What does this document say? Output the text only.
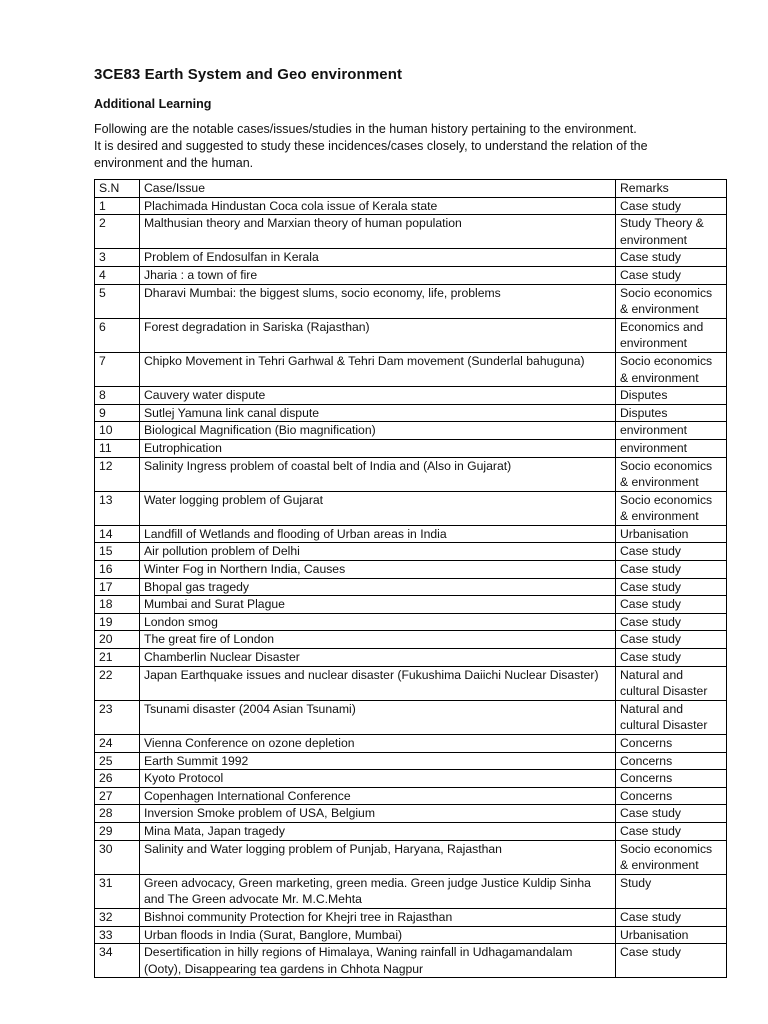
3CE83 Earth System and Geo environment
Additional Learning
Following are the notable cases/issues/studies in the human history pertaining to the environment.
It is desired and suggested to study these incidences/cases closely, to understand the relation of the
environment and the human.
S.N	Case/Issue	Remarks
1	Plachimada Hindustan Coca cola issue of Kerala state	Case study
2	Malthusian theory and Marxian theory of human population	Study Theory & environment
3	Problem of Endosulfan in Kerala	Case study
4	Jharia : a town of fire	Case study
5	Dharavi Mumbai: the biggest slums, socio economy, life, problems	Socio economics & environment
6	Forest degradation in Sariska (Rajasthan)	Economics and environment
7	Chipko Movement in Tehri Garhwal & Tehri Dam movement (Sunderlal bahuguna)	Socio economics & environment
8	Cauvery water dispute	Disputes
9	Sutlej Yamuna link canal dispute	Disputes
10	Biological Magnification (Bio magnification)	environment
11	Eutrophication	environment
12	Salinity Ingress problem of coastal belt of India and (Also in Gujarat)	Socio economics & environment
13	Water logging problem of Gujarat	Socio economics & environment
14	Landfill of Wetlands and flooding of Urban areas in India	Urbanisation
15	Air pollution problem of Delhi	Case study
16	Winter Fog in Northern India, Causes	Case study
17	Bhopal gas tragedy	Case study
18	Mumbai and Surat Plague	Case study
19	London smog	Case study
20	The great fire of London	Case study
21	Chamberlin Nuclear Disaster	Case study
22	Japan Earthquake issues and nuclear disaster (Fukushima Daiichi Nuclear Disaster)	Natural and cultural Disaster
23	Tsunami disaster (2004 Asian Tsunami)	Natural and cultural Disaster
24	Vienna Conference on ozone depletion	Concerns
25	Earth Summit 1992	Concerns
26	Kyoto Protocol	Concerns
27	Copenhagen International Conference	Concerns
28	Inversion Smoke problem of USA, Belgium	Case study
29	Mina Mata, Japan tragedy	Case study
30	Salinity and Water logging problem of Punjab, Haryana, Rajasthan	Socio economics & environment
31	Green advocacy, Green marketing, green media. Green judge Justice Kuldip Sinha and The Green advocate Mr. M.C.Mehta	Study
32	Bishnoi community Protection for Khejri tree in Rajasthan	Case study
33	Urban floods in India (Surat, Banglore, Mumbai)	Urbanisation
34	Desertification in hilly regions of Himalaya, Waning rainfall in Udhagamandalam (Ooty), Disappearing tea gardens in Chhota Nagpur	Case study
